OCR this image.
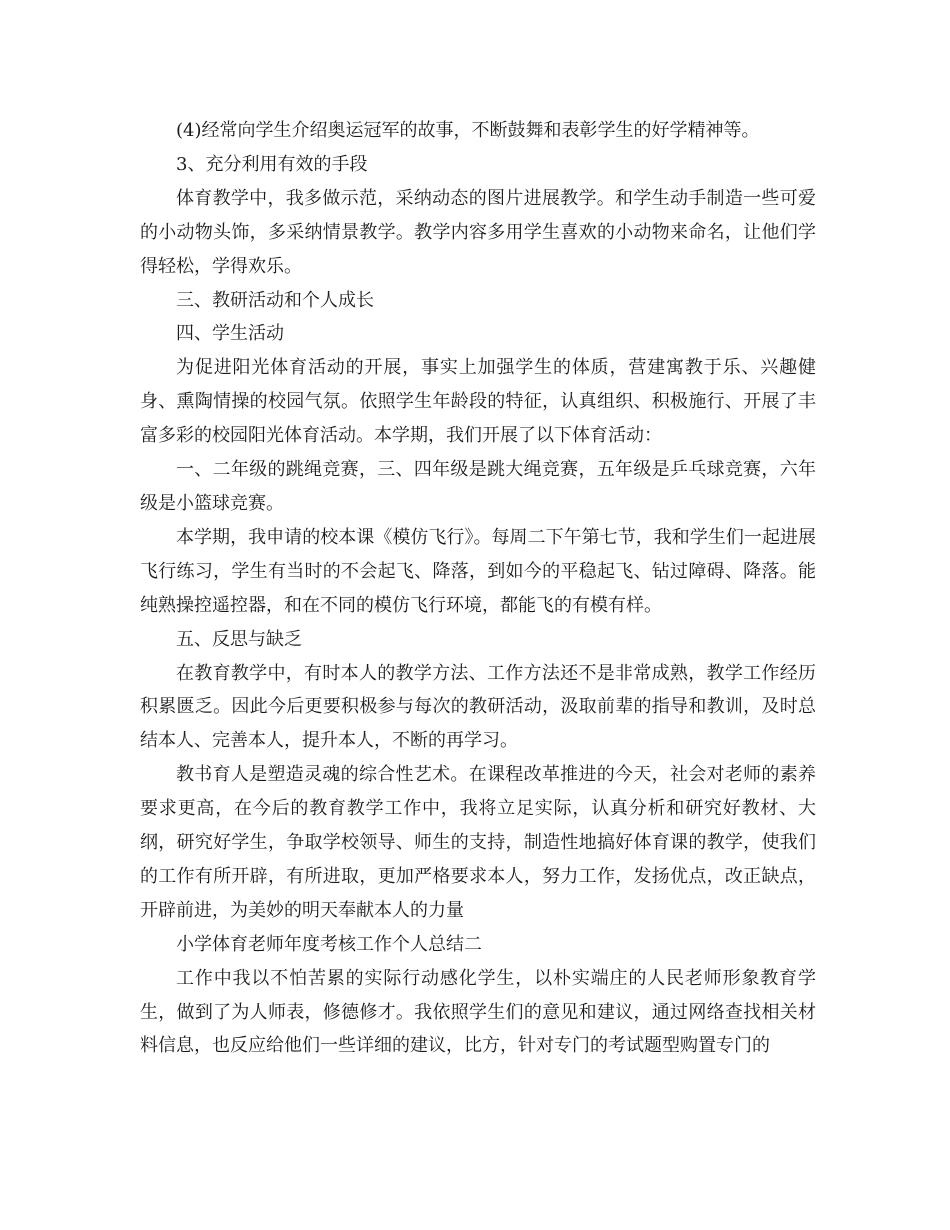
(4)经常向学生介绍奥运冠军的故事，不断鼓舞和表彰学生的好学精神等。

3、充分利用有效的手段

体育教学中，我多做示范，采纳动态的图片进展教学。和学生动手制造一些可爱的小动物头饰，多采纳情景教学。教学内容多用学生喜欢的小动物来命名，让他们学得轻松，学得欢乐。

三、教研活动和个人成长

四、学生活动

为促进阳光体育活动的开展，事实上加强学生的体质，营建寓教于乐、兴趣健身、熏陶情操的校园气氛。依照学生年龄段的特征，认真组织、积极施行、开展了丰富多彩的校园阳光体育活动。本学期，我们开展了以下体育活动：

一、二年级的跳绳竞赛，三、四年级是跳大绳竞赛，五年级是乒乓球竞赛，六年级是小篮球竞赛。

本学期，我申请的校本课《模仿飞行》。每周二下午第七节，我和学生们一起进展飞行练习，学生有当时的不会起飞、降落，到如今的平稳起飞、钻过障碍、降落。能纯熟操控遥控器，和在不同的模仿飞行环境，都能飞的有模有样。

五、反思与缺乏

在教育教学中，有时本人的教学方法、工作方法还不是非常成熟，教学工作经历积累匮乏。因此今后更要积极参与每次的教研活动，汲取前辈的指导和教训，及时总结本人、完善本人，提升本人，不断的再学习。

教书育人是塑造灵魂的综合性艺术。在课程改革推进的今天，社会对老师的素养要求更高，在今后的教育教学工作中，我将立足实际，认真分析和研究好教材、大纲，研究好学生，争取学校领导、师生的支持，制造性地搞好体育课的教学，使我们的工作有所开辟，有所进取，更加严格要求本人，努力工作，发扬优点，改正缺点，开辟前进，为美妙的明天奉献本人的力量

小学体育老师年度考核工作个人总结二

工作中我以不怕苦累的实际行动感化学生，以朴实端庄的人民老师形象教育学生，做到了为人师表，修德修才。我依照学生们的意见和建议，通过网络查找相关材料信息，也反应给他们一些详细的建议，比方，针对专门的考试题型购置专门的
